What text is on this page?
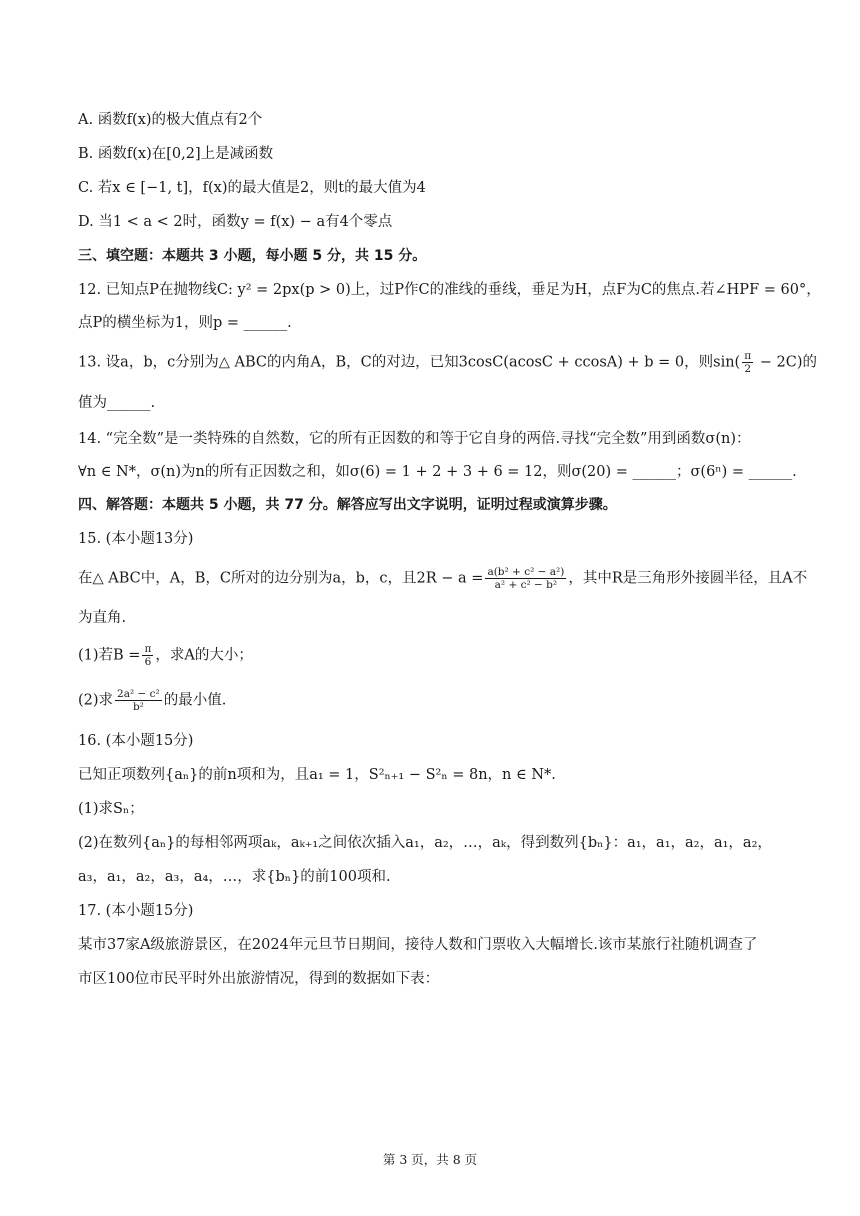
A. 函数f(x)的极大值点有2个
B. 函数f(x)在[0,2]上是减函数
C. 若x ∈ [−1, t]，f(x)的最大值是2，则t的最大值为4
D. 当1 < a < 2时，函数y = f(x) − a有4个零点
三、填空题：本题共 3 小题，每小题 5 分，共 15 分。
12. 已知点P在抛物线C: y² = 2px(p > 0)上，过P作C的准线的垂线，垂足为H，点F为C的焦点.若∠HPF = 60°，
点P的横坐标为1，则p = ______.
13. 设a，b，c分别为△ ABC的内角A，B，C的对边，已知3cosC(acosC + ccosA) + b = 0，则$\sin( \frac{\pi}{2} - 2C)$的
值为______.
14. “完全数”是一类特殊的自然数，它的所有正因数的和等于它自身的两倍.寻找“完全数”用到函数σ(n)：
∀n ∈ N*，σ(n)为n的所有正因数之和，如σ(6) = 1 + 2 + 3 + 6 = 12，则σ(20) = ______；σ(6ⁿ) = ______.
四、解答题：本题共 5 小题，共 77 分。解答应写出文字说明，证明过程或演算步骤。
15. (本小题13分)
在△ ABC中，A，B，C所对的边分别为a，b，c，且$2R - a = \frac{\text{a(b² + c² − a²)}}{\text{a² + c² − b²}}$ ，其中R是三角形外接圆半径，且A不
为直角.
(1)若$B = \frac{\pi}{6}$ ，求A的大小；
(2)求 $\frac{\text{2a² − c²}}{\text{b²}}$ 的最小值.
16. (本小题15分)
已知正项数列{aₙ}的前n项和为，且a₁ = 1，S²ₙ₊₁ − S²ₙ = 8n，n ∈ N*.
(1)求Sₙ；
(2)在数列{aₙ}的每相邻两项aₖ，aₖ₊₁之间依次插入a₁，a₂，…，aₖ，得到数列{bₙ}：a₁，a₁，a₂，a₁，a₂，
a₃，a₁，a₂，a₃，a₄，…，求{bₙ}的前100项和.
17. (本小题15分)
某市37家A级旅游景区，在2024年元旦节日期间，接待人数和门票收入大幅增长.该市某旅行社随机调查了
市区100位市民平时外出旅游情况，得到的数据如下表：
第 3 页，共 8 页
